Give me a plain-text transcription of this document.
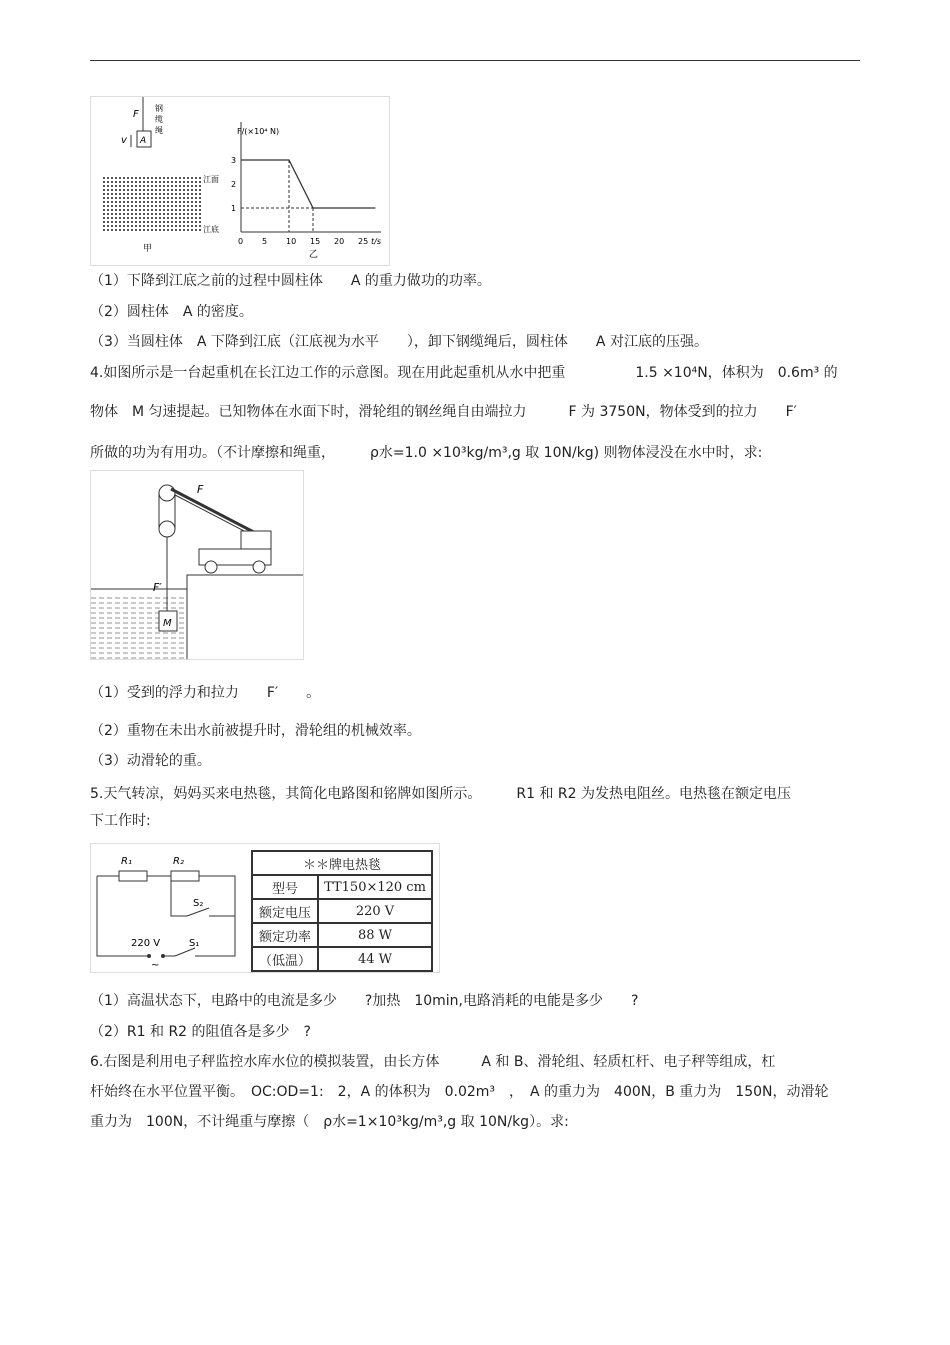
F
v A
钢
缆
绳
江面
江底
甲
F/(×10⁴ N)
t/s
3
2
1
0 5 10 15 20 25
乙
（1）下降到江底之前的过程中圆柱体　　A 的重力做功的功率。
（2）圆柱体　A 的密度。
（3）当圆柱体　A 下降到江底（江底视为水平　　），卸下钢缆绳后，圆柱体　　A 对江底的压强。
4.如图所示是一台起重机在长江边工作的示意图。现在用此起重机从水中把重　　　　　1.5 ×10⁴N，体积为　0.6m³ 的
物体　M 匀速提起。已知物体在水面下时，滑轮组的钢丝绳自由端拉力　　　F 为 3750N，物体受到的拉力　　F′
所做的功为有用功。（不计摩擦和绳重，　　　ρ水=1.0 ×10³kg/m³,g 取 10N/kg) 则物体浸没在水中时，求:
F
F′
M
（1）受到的浮力和拉力　　F′　　。
（2）重物在未出水前被提升时，滑轮组的机械效率。
（3）动滑轮的重。
5.天气转凉，妈妈买来电热毯，其简化电路图和铭牌如图所示。　　　R1 和 R2 为发热电阻丝。电热毯在额定电压
下工作时:
R₁	R₂
S₂
S₁
220 V
~
＊＊牌电热毯	
型号	TT150×120 cm
额定电压	220 V
额定功率	88 W
（低温）	44 W
（1）高温状态下，电路中的电流是多少　　?加热　10min,电路消耗的电能是多少　　?
（2）R1 和 R2 的阻值各是多少　?
6.右图是利用电子秤监控水库水位的模拟装置，由长方体　　　A 和 B、滑轮组、轻质杠杆、电子秤等组成，杠
杆始终在水平位置平衡。　OC:OD=1:　2，A 的体积为　0.02m³　，　A 的重力为　400N，B 重力为　150N，动滑轮
重力为　100N，不计绳重与摩擦（　ρ水=1×10³kg/m³,g 取 10N/kg）。求:
